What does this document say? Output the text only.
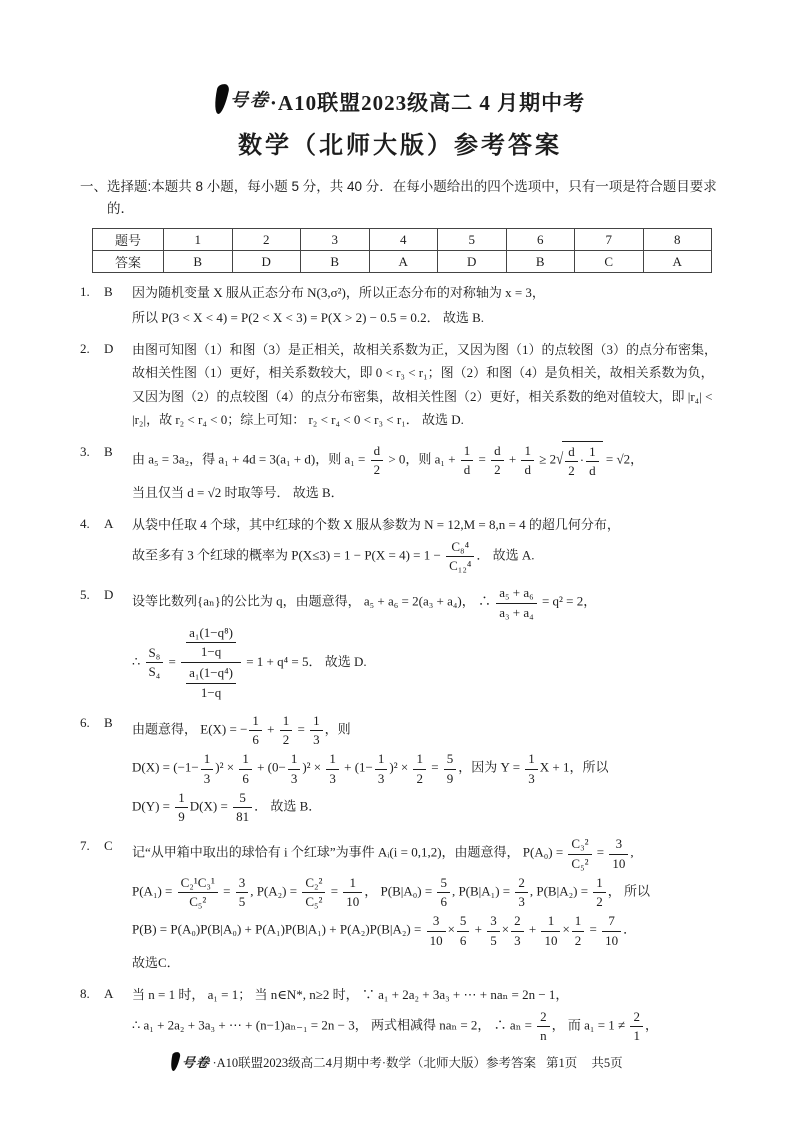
号卷 ·A10联盟2023级高二 4 月期中考
数学（北师大版）参考答案
一、选择题:本题共 8 小题，每小题 5 分，共 40 分．在每小题给出的四个选项中，只有一项是符合题目要求的．
题号	1	2	3	4	5	6	7	8
答案	B	D	B	A	D	B	C	A
1.	B	因为随机变量 X 服从正态分布 N(3,σ²)，所以正态分布的对称轴为 x = 3，
所以 P(3 < X < 4) = P(2 < X < 3) = P(X > 2) − 0.5 = 0.2． 故选 B.
2.	D	由图可知图（1）和图（3）是正相关，故相关系数为正，又因为图（1）的点较图（3）的点分布密集，故相关性图（1）更好，相关系数较大，即 0 < r₃ < r₁；图（2）和图（4）是负相关，故相关系数为负，又因为图（2）的点较图（4）的点分布密集，故相关性图（2）更好，相关系数的绝对值较大，即 |r₄| < |r₂|，故 r₂ < r₄ < 0；综上可知： r₂ < r₄ < 0 < r₃ < r₁． 故选 D.
3.	B
由 a₅ = 3a₂，得 a₁ + 4d = 3(a₁ + d)，则 $a_1 = \frac{d}{2} > 0$，则 $a_1 + \frac{1}{d} = \frac{d}{2} + \frac{1}{d} \ge 2√ \frac{d}{2} \cdot \frac{1}{d} = √2$，
当且仅当 d = √2 时取等号． 故选 B．
4.	A	从袋中任取 4 个球，其中红球的个数 X 服从参数为 N = 12,M = 8,n = 4 的超几何分布，
故至多有 3 个红球的概率为 $P(X\le 3) = 1 - P(X = 4) = 1 - \frac{\text{C₈⁴}}{\text{C₁₂⁴}}$ ． 故选 A.
5.	D	设等比数列{aₙ}的公比为 q，由题意得， a₅ + a₆ = 2(a₃ + a₄)， ∴ $\frac{\text{a₅ + a₆}}{\text{a₃ + a₄}} = q^2 = 2$，
∴ $\frac{\text{S₈}}{\text{S₄}} = \frac{\frac{\text{a₁(1−q⁸)}}{1-q}}{\frac{\text{a₁(1−q⁴)}}{1-q}} = 1 + q^4 = 5$． 故选 D.
6.	B	由题意得， E(X) = − $\frac{1}{6} + \frac{1}{2} = \frac{1}{3}$ ，则
$D(X) = (-1- \frac{1}{3} )^2 \times \frac{1}{6} + (0- \frac{1}{3} )^2 \times \frac{1}{3} + (1- \frac{1}{3} )^2 \times \frac{1}{2} = \frac{5}{9}$ ，因为 $Y = \frac{1}{3}$ X + 1，所以
$D(Y) = \frac{1}{9} D(X) = \frac{5}{81}$ ． 故选 B．
7.	C	记“从甲箱中取出的球恰有 i 个红球”为事件 Aᵢ(i = 0,1,2)，由题意得， $P(A_0) = \frac{\text{C₃²}}{\text{C₅²}} = \frac{3}{10}$ ,
$P(A_1) = \frac{\text{C₂¹C₃¹}}{\text{C₅²}} = \frac{3}{5}$ , $P(A_2) = \frac{\text{C₂²}}{\text{C₅²}} = \frac{1}{10}$ ， $P(B|A_0) = \frac{5}{6}$ , $P(B|A_1) = \frac{2}{3}$ , $P(B|A_2) = \frac{1}{2}$ ， 所以
$P(B) = P(A_0)P(B|A_0) + P(A_1)P(B|A_1) + P(A_2)P(B|A_2) = \frac{3}{10} \times \frac{5}{6} + \frac{3}{5} \times \frac{2}{3} + \frac{1}{10} \times \frac{1}{2} = \frac{7}{10}$ ．
故选C．
8.	A	当 n = 1 时， a₁ = 1； 当 n∈N*, n≥2 时， ∵ a₁ + 2a₂ + 3a₃ + ⋯ + naₙ = 2n − 1，
∴ a₁ + 2a₂ + 3a₃ + ⋯ + (n−1)aₙ₋₁ = 2n − 3， 两式相减得 naₙ = 2， ∴ $a_n = \frac{2}{n}$ ， 而 $a_1 = 1 \ne \frac{2}{1}$ ，
号卷 ·A10联盟2023级高二4月期中考·数学（北师大版）参考答案 第1页 共5页
